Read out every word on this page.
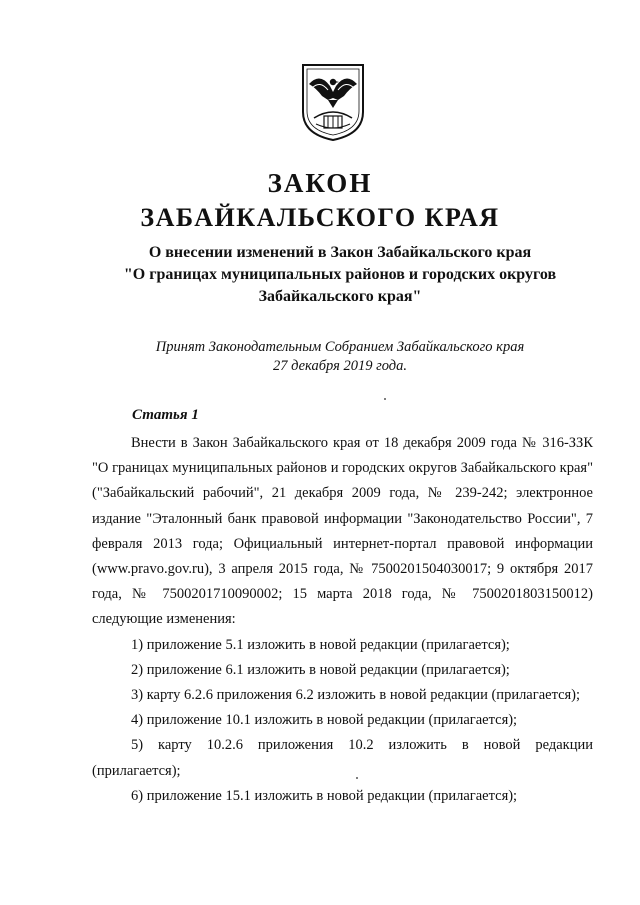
ЗАКОН
ЗАБАЙКАЛЬСКОГО КРАЯ
О внесении изменений в Закон Забайкальского края
"О границах муниципальных районов и городских округов
Забайкальского края"
Принят Законодательным Собранием Забайкальского края
27 декабря 2019 года.
Статья 1

Внести в Закон Забайкальского края от 18 декабря 2009 года № 316-ЗЗК "О границах муниципальных районов и городских округов Забайкальского края" ("Забайкальский рабочий", 21 декабря 2009 года, № 239-242; электронное издание "Эталонный банк правовой информации "Законодательство России", 7 февраля 2013 года; Официальный интернет-портал правовой информации (www.pravo.gov.ru), 3 апреля 2015 года, № 7500201504030017; 9 октября 2017 года, № 7500201710090002; 15 марта 2018 года, № 7500201803150012) следующие изменения:

1) приложение 5.1 изложить в новой редакции (прилагается);

2) приложение 6.1 изложить в новой редакции (прилагается);

3) карту 6.2.6 приложения 6.2 изложить в новой редакции (прилагается);

4) приложение 10.1 изложить в новой редакции (прилагается);

5) карту 10.2.6 приложения 10.2 изложить в новой редакции (прилагается);

6) приложение 15.1 изложить в новой редакции (прилагается);
